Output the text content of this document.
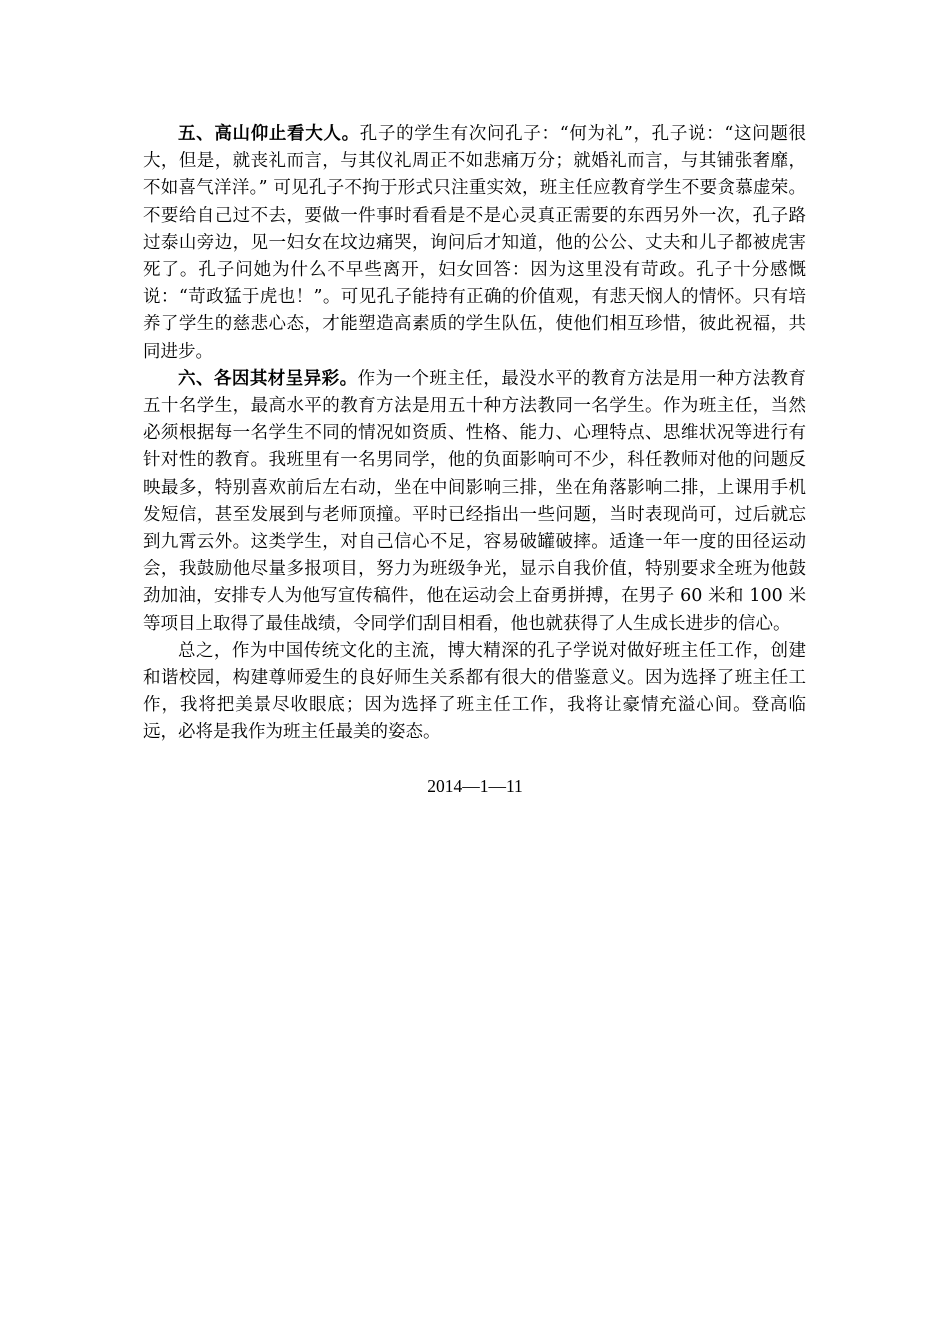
五、高山仰止看大人。孔子的学生有次问孔子：“何为礼”，孔子说：“这问题很大，但是，就丧礼而言，与其仪礼周正不如悲痛万分；就婚礼而言，与其铺张奢靡，不如喜气洋洋。” 可见孔子不拘于形式只注重实效，班主任应教育学生不要贪慕虚荣。不要给自己过不去，要做一件事时看看是不是心灵真正需要的东西另外一次，孔子路过泰山旁边，见一妇女在坟边痛哭，询问后才知道，他的公公、丈夫和儿子都被虎害死了。孔子问她为什么不早些离开，妇女回答：因为这里没有苛政。孔子十分感慨说：“苛政猛于虎也！”。可见孔子能持有正确的价值观，有悲天悯人的情怀。只有培养了学生的慈悲心态，才能塑造高素质的学生队伍，使他们相互珍惜，彼此祝福，共同进步。

六、各因其材呈异彩。作为一个班主任，最没水平的教育方法是用一种方法教育五十名学生，最高水平的教育方法是用五十种方法教同一名学生。作为班主任，当然必须根据每一名学生不同的情况如资质、性格、能力、心理特点、思维状况等进行有针对性的教育。我班里有一名男同学，他的负面影响可不少，科任教师对他的问题反映最多，特别喜欢前后左右动，坐在中间影响三排，坐在角落影响二排，上课用手机发短信，甚至发展到与老师顶撞。平时已经指出一些问题，当时表现尚可，过后就忘到九霄云外。这类学生，对自己信心不足，容易破罐破摔。适逢一年一度的田径运动会，我鼓励他尽量多报项目，努力为班级争光，显示自我价值，特别要求全班为他鼓劲加油，安排专人为他写宣传稿件，他在运动会上奋勇拼搏，在男子 60 米和 100 米等项目上取得了最佳战绩，令同学们刮目相看，他也就获得了人生成长进步的信心。

总之，作为中国传统文化的主流，博大精深的孔子学说对做好班主任工作，创建和谐校园，构建尊师爱生的良好师生关系都有很大的借鉴意义。因为选择了班主任工作，我将把美景尽收眼底；因为选择了班主任工作，我将让豪情充溢心间。登高临远，必将是我作为班主任最美的姿态。

2014—1—11
